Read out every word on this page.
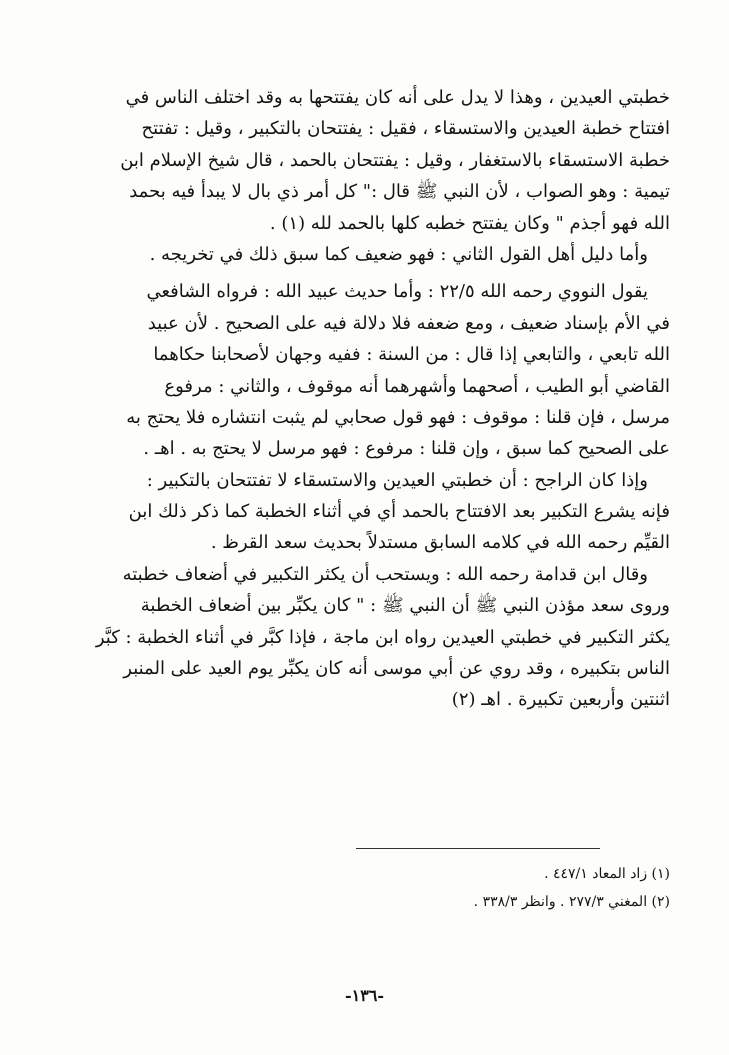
خطبتي العيدين ، وهذا لا يدل على أنه كان يفتتحها به وقد اختلف الناس في
افتتاح خطبة العيدين والاستسقاء ، فقيل : يفتتحان بالتكبير ، وقيل : تفتتح
خطبة الاستسقاء بالاستغفار ، وقيل : يفتتحان بالحمد ، قال شيخ الإسلام ابن
تيمية : وهو الصواب ، لأن النبي ﷺ قال :" كل أمر ذي بال لا يبدأ فيه بحمد
الله فهو أجذم " وكان يفتتح خطبه كلها بالحمد لله (١) .
وأما دليل أهل القول الثاني : فهو ضعيف كما سبق ذلك في تخريجه .
يقول النووي رحمه الله ٢٢/٥ : وأما حديث عبيد الله : فرواه الشافعي
في الأم بإسناد ضعيف ، ومع ضعفه فلا دلالة فيه على الصحيح . لأن عبيد
الله تابعي ، والتابعي إذا قال : من السنة : ففيه وجهان لأصحابنا حكاهما
القاضي أبو الطيب ، أصحهما وأشهرهما أنه موقوف ، والثاني : مرفوع
مرسل ، فإن قلنا : موقوف : فهو قول صحابي لم يثبت انتشاره فلا يحتج به
على الصحيح كما سبق ، وإن قلنا : مرفوع : فهو مرسل لا يحتج به . اهـ .
وإذا كان الراجح : أن خطبتي العيدين والاستسقاء لا تفتتحان بالتكبير :
فإنه يشرع التكبير بعد الافتتاح بالحمد أي في أثناء الخطبة كما ذكر ذلك ابن
القيِّم رحمه الله في كلامه السابق مستدلاً بحديث سعد القرظ .
وقال ابن قدامة رحمه الله : ويستحب أن يكثر التكبير في أضعاف خطبته
وروى سعد مؤذن النبي ﷺ أن النبي ﷺ : " كان يكبِّر بين أضعاف الخطبة
يكثر التكبير في خطبتي العيدين رواه ابن ماجة ، فإذا كبَّر في أثناء الخطبة : كبَّر
الناس بتكبيره ، وقد روي عن أبي موسى أنه كان يكبِّر يوم العيد على المنبر
اثنتين وأربعين تكبيرة . اهـ (٢)
(١) زاد المعاد ٤٤٧/١ .
(٢) المغني ٢٧٧/٣ . وانظر ٣٣٨/٣ .
-١٣٦-
